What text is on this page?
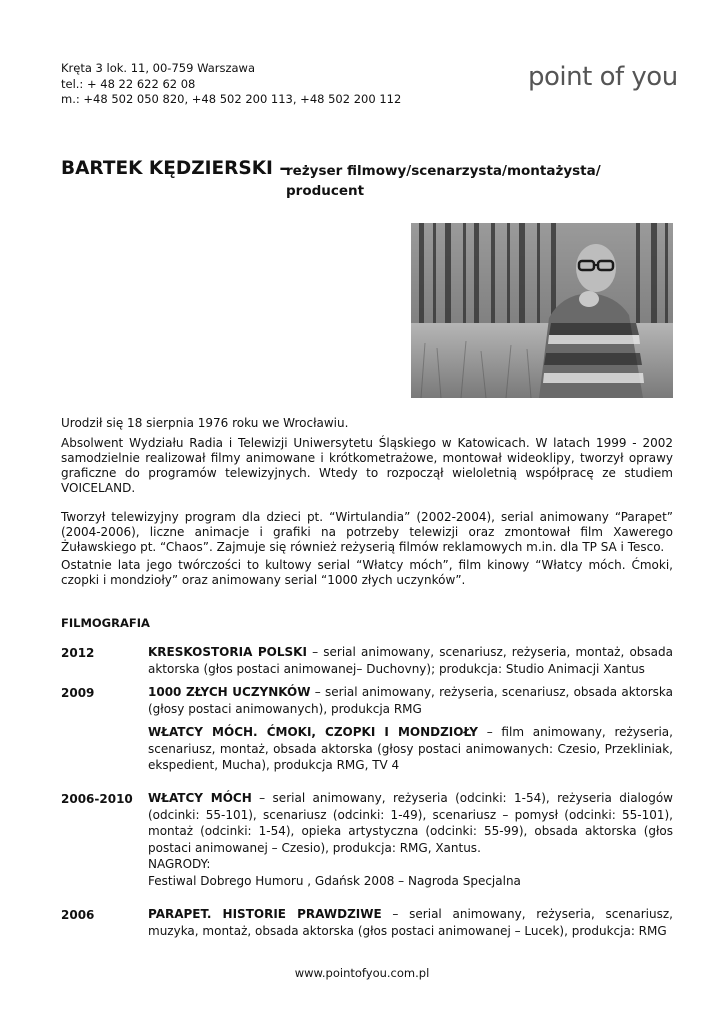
Kręta 3 lok. 11, 00-759 Warszawa
tel.: + 48 22 622 62 08
m.: +48 502 050 820, +48 502 200 113, +48 502 200 112
point of you
BARTEK KĘDZIERSKI –
reżyser filmowy/scenarzysta/montażysta/ producent
Urodził się 18 sierpnia 1976 roku we Wrocławiu.
Absolwent Wydziału Radia i Telewizji Uniwersytetu Śląskiego w Katowicach. W latach 1999 - 2002 samodzielnie realizował filmy animowane i krótkometrażowe, montował wideoklipy, tworzył oprawy graficzne do programów telewizyjnych. Wtedy to rozpoczął wieloletnią współpracę ze studiem VOICELAND.
Tworzył telewizyjny program dla dzieci pt. “Wirtulandia” (2002-2004), serial animowany “Parapet” (2004-2006), liczne animacje i grafiki na potrzeby telewizji oraz zmontował film Xawerego Żuławskiego pt. “Chaos”. Zajmuje się również reżyserią filmów reklamowych m.in. dla TP SA i Tesco.
Ostatnie lata jego twórczości to kultowy serial “Włatcy móch”, film kinowy “Włatcy móch. Ćmoki, czopki i mondzioły” oraz animowany serial “1000 złych uczynków”.
FILMOGRAFIA
2012	KRESKOSTORIA POLSKI – serial animowany, scenariusz, reżyseria, montaż, obsada aktorska (głos postaci animowanej– Duchovny); produkcja: Studio Animacji Xantus
2009	1000 ZŁYCH UCZYNKÓW – serial animowany, reżyseria, scenariusz, obsada aktorska (głosy postaci animowanych), produkcja RMG
WŁATCY MÓCH. ĆMOKI, CZOPKI I MONDZIOŁY – film animowany, reżyseria, scenariusz, montaż, obsada aktorska (głosy postaci animowanych: Czesio, Przekliniak, ekspedient, Mucha), produkcja RMG, TV 4
2006-2010 WŁATCY MÓCH – serial animowany, reżyseria (odcinki: 1-54), reżyseria dialogów (odcinki: 55-101), scenariusz (odcinki: 1-49), scenariusz – pomysł (odcinki: 55-101), montaż (odcinki: 1-54), opieka artystyczna (odcinki: 55-99), obsada aktorska (głos postaci animowanej – Czesio), produkcja: RMG, Xantus.
NAGRODY:
Festiwal Dobrego Humoru , Gdańsk 2008 – Nagroda Specjalna
2006	PARAPET. HISTORIE PRAWDZIWE – serial animowany, reżyseria, scenariusz, muzyka, montaż, obsada aktorska (głos postaci animowanej – Lucek), produkcja: RMG
www.pointofyou.com.pl
